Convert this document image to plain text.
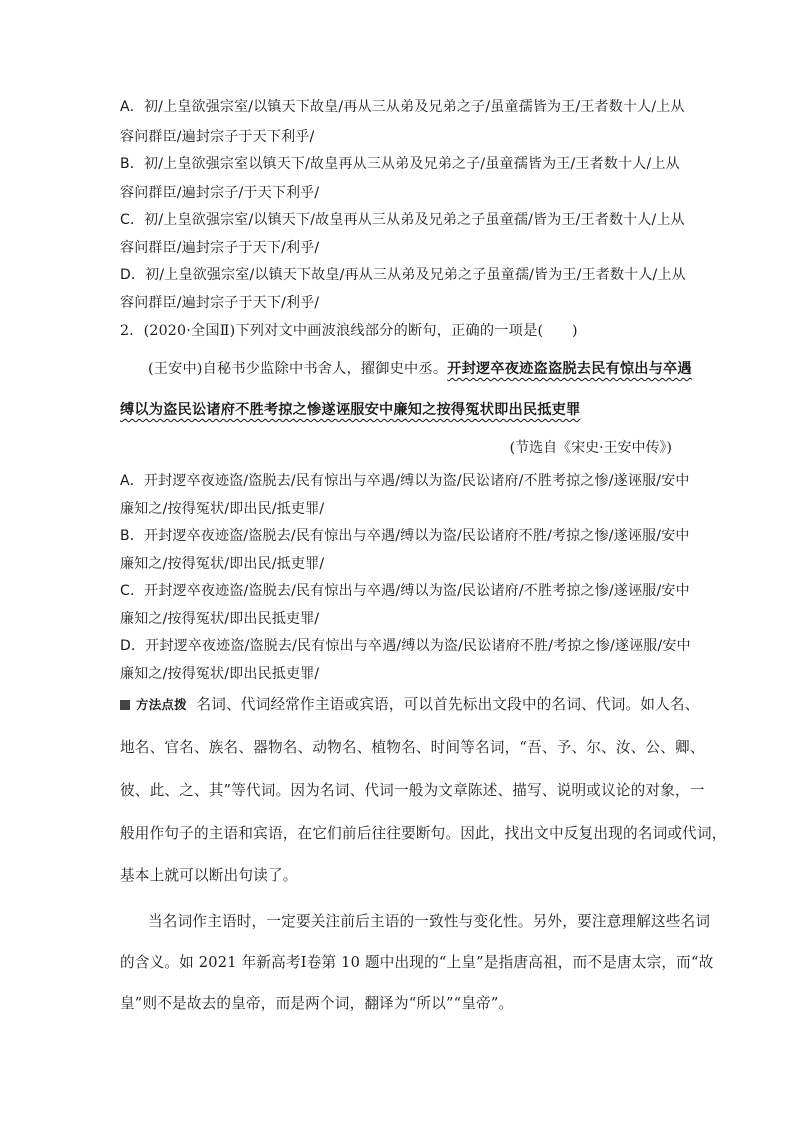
A．初/上皇欲强宗室/以镇天下故皇/再从三从弟及兄弟之子/虽童孺皆为王/王者数十人/上从
容问群臣/遍封宗子于天下利乎/
B．初/上皇欲强宗室以镇天下/故皇再从三从弟及兄弟之子/虽童孺皆为王/王者数十人/上从
容问群臣/遍封宗子/于天下利乎/
C．初/上皇欲强宗室/以镇天下/故皇再从三从弟及兄弟之子虽童孺/皆为王/王者数十人/上从
容问群臣/遍封宗子于天下/利乎/
D．初/上皇欲强宗室/以镇天下故皇/再从三从弟及兄弟之子虽童孺/皆为王/王者数十人/上从
容问群臣/遍封宗子于天下/利乎/
2．(2020·全国Ⅱ)下列对文中画波浪线部分的断句，正确的一项是(　　)
(王安中)自秘书少监除中书舍人，擢御史中丞。开封逻卒夜迹盗盗脱去民有惊出与卒遇
缚以为盗民讼诸府不胜考掠之惨遂诬服安中廉知之按得冤状即出民抵吏罪
(节选自《宋史·王安中传》)
A．开封逻卒夜迹盗/盗脱去/民有惊出与卒遇/缚以为盗/民讼诸府/不胜考掠之惨/遂诬服/安中
廉知之/按得冤状/即出民/抵吏罪/
B．开封逻卒夜迹盗/盗脱去/民有惊出与卒遇/缚以为盗/民讼诸府不胜/考掠之惨/遂诬服/安中
廉知之/按得冤状/即出民/抵吏罪/
C．开封逻卒夜迹盗/盗脱去/民有惊出与卒遇/缚以为盗/民讼诸府/不胜考掠之惨/遂诬服/安中
廉知之/按得冤状/即出民抵吏罪/
D．开封逻卒夜迹盗/盗脱去/民有惊出与卒遇/缚以为盗/民讼诸府不胜/考掠之惨/遂诬服/安中
廉知之/按得冤状/即出民抵吏罪/
方法点拨 名词、代词经常作主语或宾语，可以首先标出文段中的名词、代词。如人名、
地名、官名、族名、器物名、动物名、植物名、时间等名词，“吾、予、尔、汝、公、卿、
彼、此、之、其”等代词。因为名词、代词一般为文章陈述、描写、说明或议论的对象，一
般用作句子的主语和宾语，在它们前后往往要断句。因此，找出文中反复出现的名词或代词，
基本上就可以断出句读了。
当名词作主语时，一定要关注前后主语的一致性与变化性。另外，要注意理解这些名词
的含义。如 2021 年新高考Ⅰ卷第 10 题中出现的“上皇”是指唐高祖，而不是唐太宗，而“故
皇”则不是故去的皇帝，而是两个词，翻译为“所以”“皇帝”。
